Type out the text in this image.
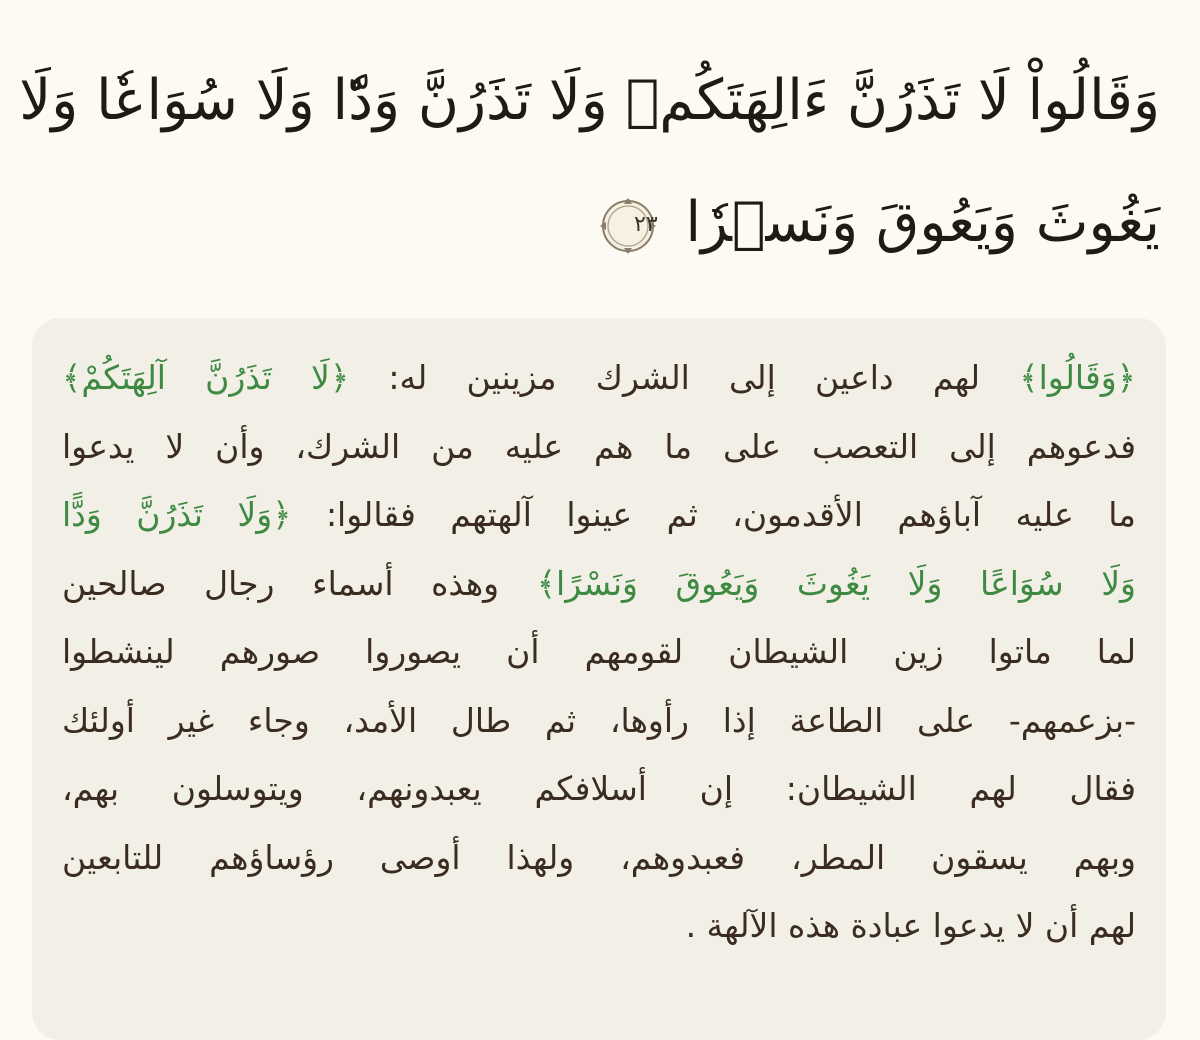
وَقَالُواْ لَا تَذَرُنَّ ءَالِهَتَكُمۡ وَلَا تَذَرُنَّ وَدّٗا وَلَا سُوَاعٗا وَلَا
يَغُوثَ وَيَعُوقَ وَنَسۡرٗا
٢٣
﴿وَقَالُوا﴾ لهم داعين إلى الشرك مزينين له: ﴿لَا تَذَرُنَّ آلِهَتَكُمْ﴾
فدعوهم إلى التعصب على ما هم عليه من الشرك، وأن لا يدعوا
ما عليه آباؤهم الأقدمون، ثم عينوا آلهتهم فقالوا: ﴿وَلَا تَذَرُنَّ وَدًّا
وَلَا سُوَاعًا وَلَا يَغُوثَ وَيَعُوقَ وَنَسْرًا﴾ وهذه أسماء رجال صالحين
لما ماتوا زين الشيطان لقومهم أن يصوروا صورهم لينشطوا
-بزعمهم- على الطاعة إذا رأوها، ثم طال الأمد، وجاء غير أولئك
فقال لهم الشيطان: إن أسلافكم يعبدونهم، ويتوسلون بهم،
وبهم يسقون المطر، فعبدوهم، ولهذا أوصى رؤساؤهم للتابعين
لهم أن لا يدعوا عبادة هذه الآلهة .
